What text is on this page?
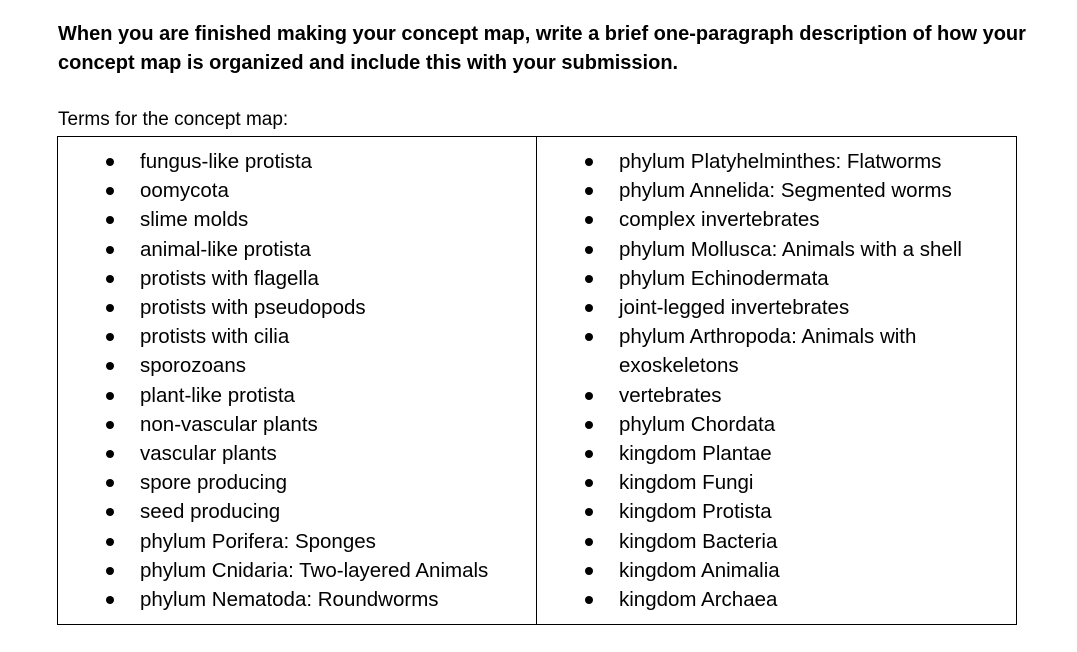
When you are finished making your concept map, write a brief one-paragraph description of how your concept map is organized and include this with your submission.

Terms for the concept map:

fungus-like protista
oomycota
slime molds
animal-like protista
protists with flagella
protists with pseudopods
protists with cilia
sporozoans
plant-like protista
non-vascular plants
vascular plants
spore producing
seed producing
phylum Porifera: Sponges
phylum Cnidaria: Two-layered Animals
phylum Nematoda: Roundworms
phylum Platyhelminthes: Flatworms
phylum Annelida: Segmented worms
complex invertebrates
phylum Mollusca: Animals with a shell
phylum Echinodermata
joint-legged invertebrates
phylum Arthropoda: Animals with exoskeletons
vertebrates
phylum Chordata
kingdom Plantae
kingdom Fungi
kingdom Protista
kingdom Bacteria
kingdom Animalia
kingdom Archaea
